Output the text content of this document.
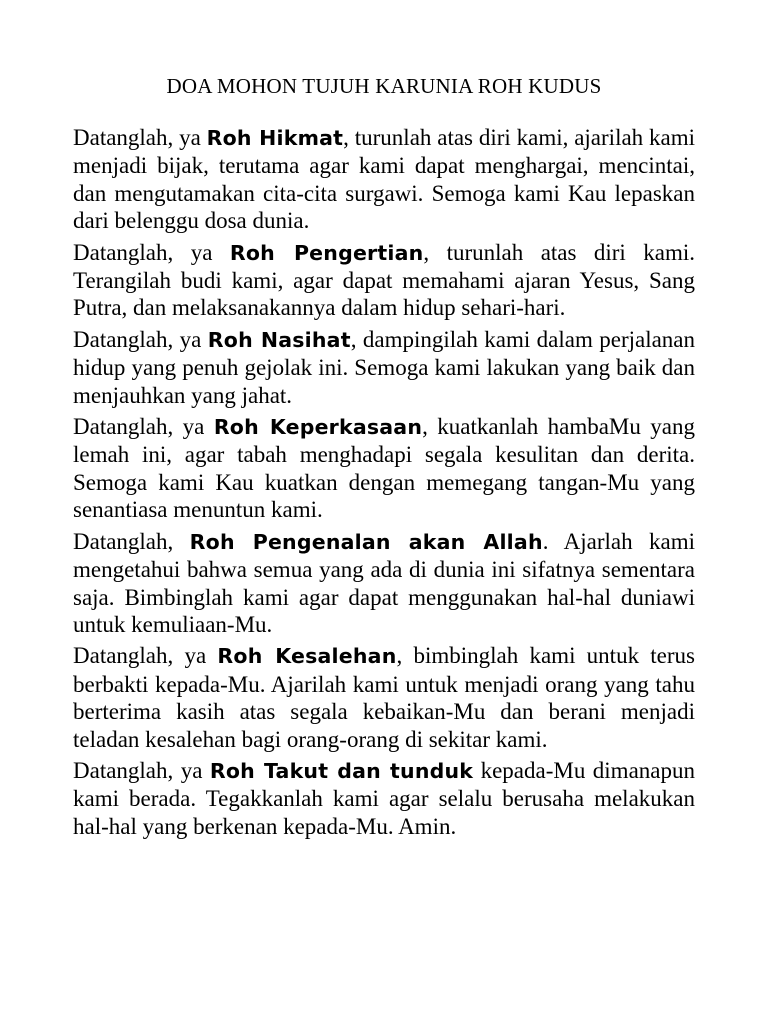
DOA MOHON TUJUH KARUNIA ROH KUDUS

Datanglah, ya Roh Hikmat, turunlah atas diri kami, ajarilah kami menjadi bijak, terutama agar kami dapat menghargai, mencintai, dan mengutamakan cita-cita surgawi. Semoga kami Kau lepaskan dari belenggu dosa dunia.

Datanglah, ya Roh Pengertian, turunlah atas diri kami. Terangilah budi kami, agar dapat memahami ajaran Yesus, Sang Putra, dan melaksanakannya dalam hidup sehari-hari.

Datanglah, ya Roh Nasihat, dampingilah kami dalam perjalanan hidup yang penuh gejolak ini. Semoga kami lakukan yang baik dan menjauhkan yang jahat.

Datanglah, ya Roh Keperkasaan, kuatkanlah hambaMu yang lemah ini, agar tabah menghadapi segala kesulitan dan derita. Semoga kami Kau kuatkan dengan memegang tangan-Mu yang senantiasa menuntun kami.

Datanglah, Roh Pengenalan akan Allah. Ajarlah kami mengetahui bahwa semua yang ada di dunia ini sifatnya sementara saja. Bimbinglah kami agar dapat menggunakan hal-hal duniawi untuk kemuliaan-Mu.

Datanglah, ya Roh Kesalehan, bimbinglah kami untuk terus berbakti kepada-Mu. Ajarilah kami untuk menjadi orang yang tahu berterima kasih atas segala kebaikan-Mu dan berani menjadi teladan kesalehan bagi orang-orang di sekitar kami.

Datanglah, ya Roh Takut dan tunduk kepada-Mu dimanapun kami berada. Tegakkanlah kami agar selalu berusaha melakukan hal-hal yang berkenan kepada-Mu. Amin.
